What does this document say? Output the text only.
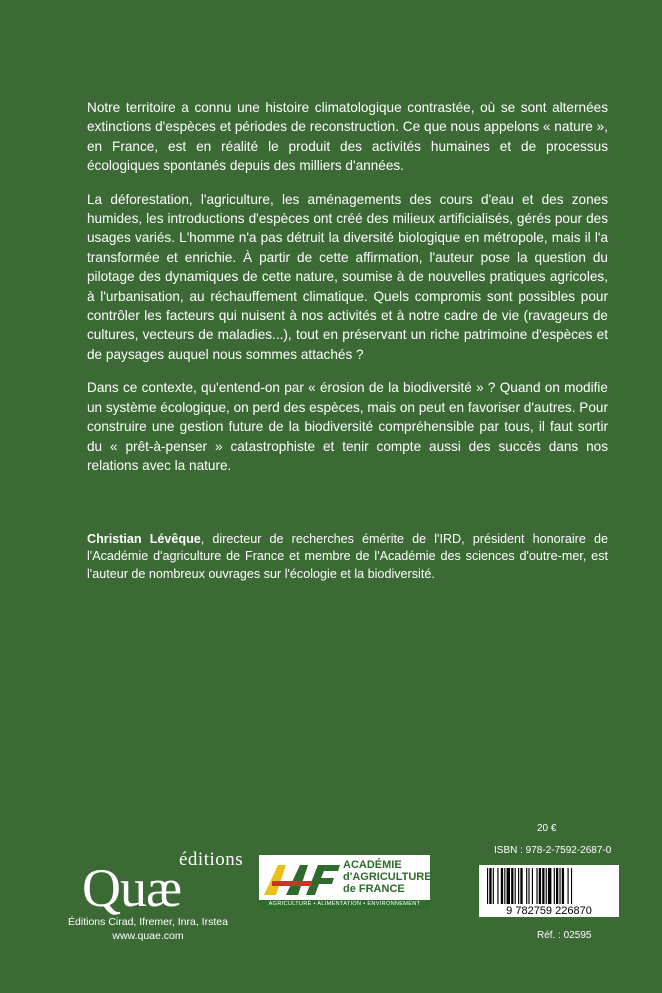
Notre territoire a connu une histoire climatologique contrastée, où se sont alternées extinctions d'espèces et périodes de reconstruction. Ce que nous appelons « nature », en France, est en réalité le produit des activités humaines et de processus écologiques spontanés depuis des milliers d'années.

La déforestation, l'agriculture, les aménagements des cours d'eau et des zones humides, les introductions d'espèces ont créé des milieux artificialisés, gérés pour des usages variés. L'homme n'a pas détruit la diversité biologique en métropole, mais il l'a transformée et enrichie. À partir de cette affirmation, l'auteur pose la question du pilotage des dynamiques de cette nature, soumise à de nouvelles pratiques agricoles, à l'urbanisation, au réchauffement climatique. Quels compromis sont possibles pour contrôler les facteurs qui nuisent à nos activités et à notre cadre de vie (ravageurs de cultures, vecteurs de maladies...), tout en préservant un riche patrimoine d'espèces et de paysages auquel nous sommes attachés ?

Dans ce contexte, qu'entend-on par « érosion de la biodiversité » ? Quand on modifie un système écologique, on perd des espèces, mais on peut en favoriser d'autres. Pour construire une gestion future de la biodiversité compréhensible par tous, il faut sortir du « prêt-à-penser » catastrophiste et tenir compte aussi des succès dans nos relations avec la nature.

Christian Lévêque, directeur de recherches émérite de l'IRD, président honoraire de l'Académie d'agriculture de France et membre de l'Académie des sciences d'outre-mer, est l'auteur de nombreux ouvrages sur l'écologie et la biodiversité.
éditions
Quæ
Éditions Cirad, Ifremer, Inra, Irstea
www.quae.com
AAF
ACADÉMIE
d'AGRICULTURE
de FRANCE
AGRICULTURE • ALIMENTATION • ENVIRONNEMENT
20 €
ISBN : 978-2-7592-2687-0
9 782759 226870
Réf. : 02595
